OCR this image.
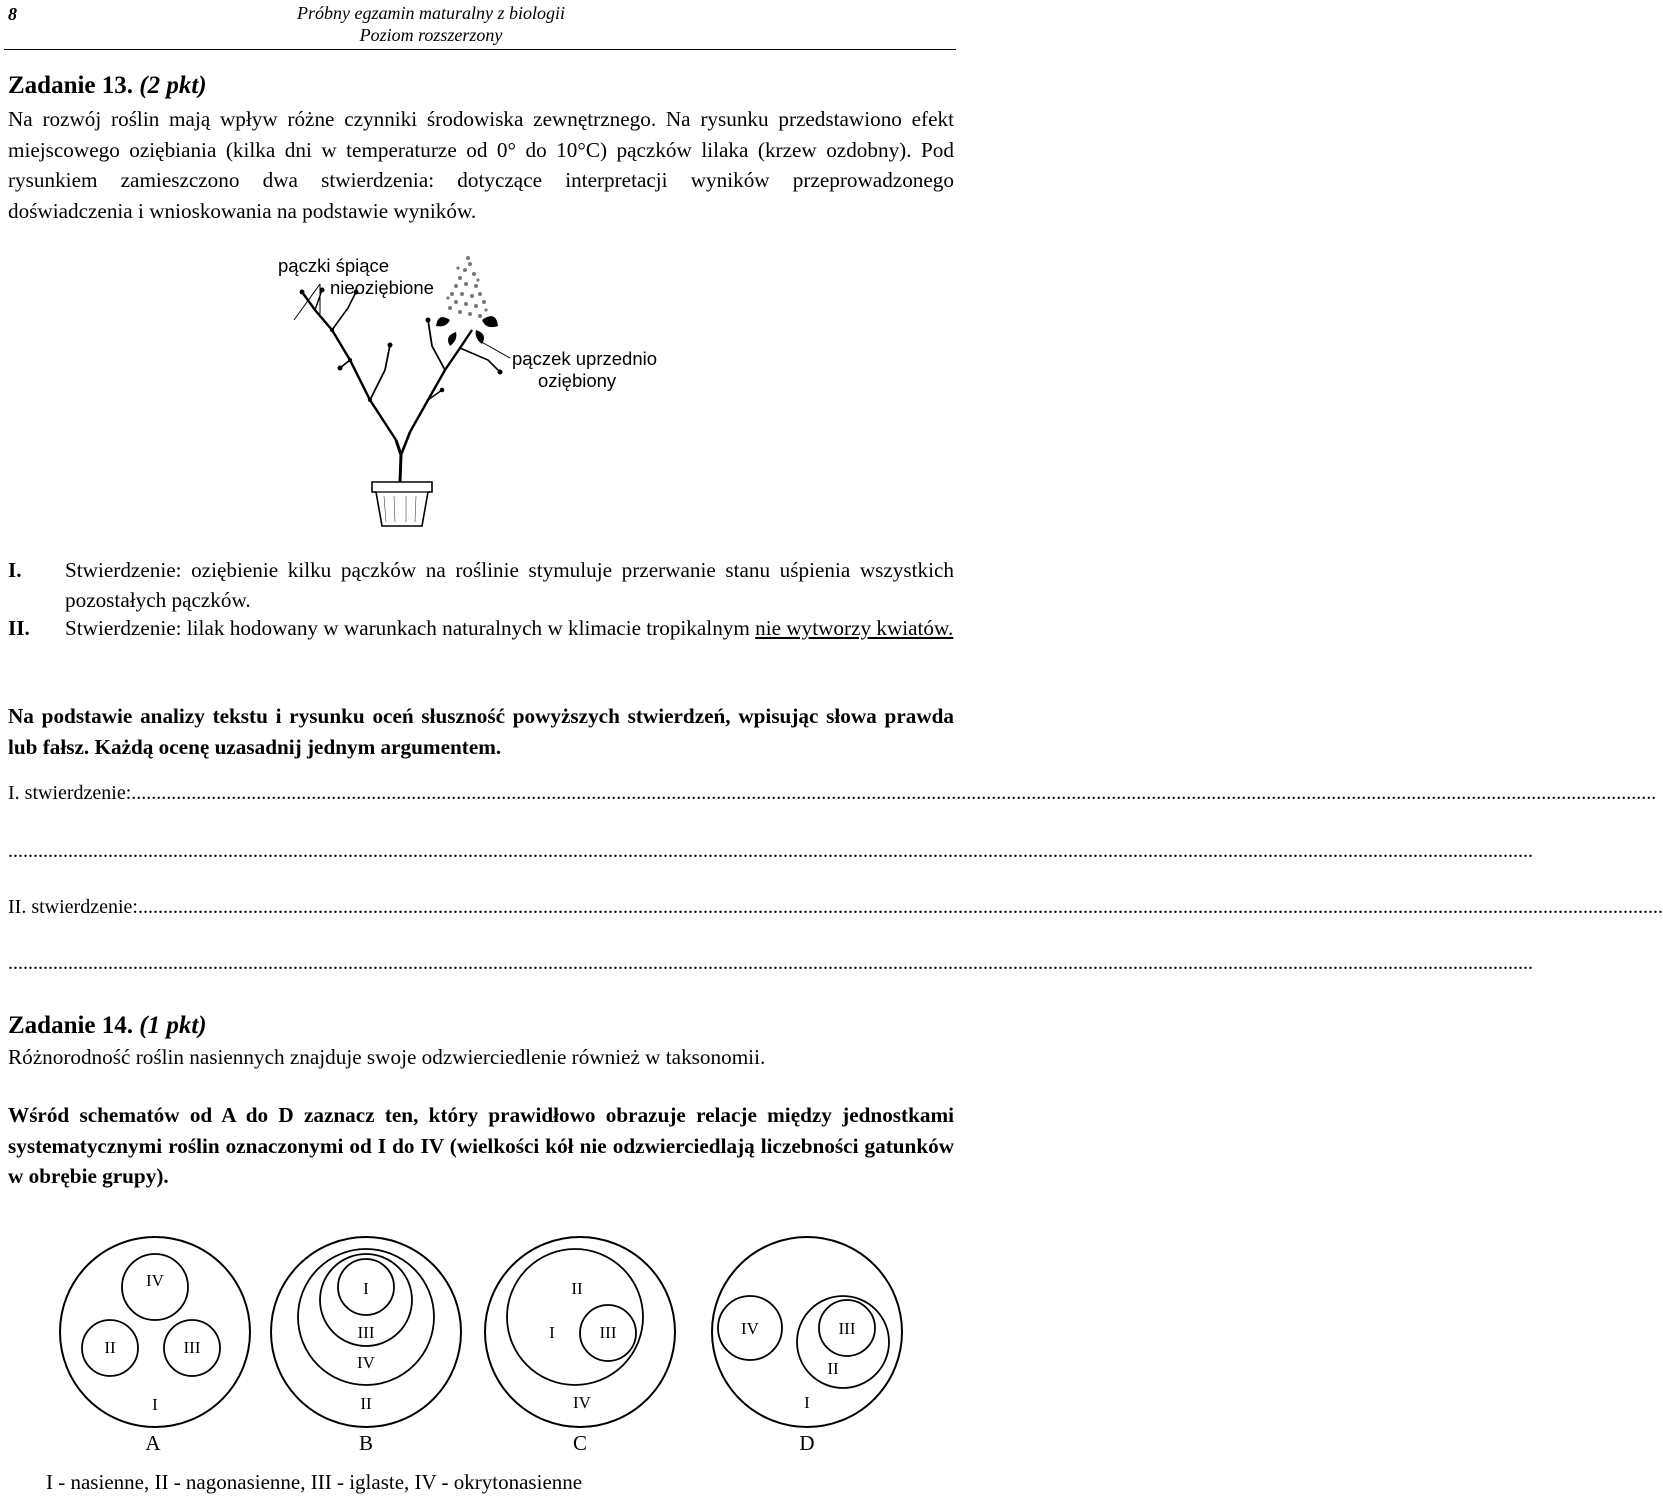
8	Próbny egzamin maturalny z biologii
Poziom rozszerzony
Zadanie 13. (2 pkt)
Na rozwój roślin mają wpływ różne czynniki środowiska zewnętrznego. Na rysunku przedstawiono efekt miejscowego oziębiania (kilka dni w temperaturze od 0° do 10°C) pączków lilaka (krzew ozdobny). Pod rysunkiem zamieszczono dwa stwierdzenia: dotyczące interpretacji wyników przeprowadzonego doświadczenia i wnioskowania na podstawie wyników.
pączki śpiące
nieoziębione
pączek uprzednio
oziębiony
I. Stwierdzenie: oziębienie kilku pączków na roślinie stymuluje przerwanie stanu uśpienia wszystkich pozostałych pączków.
II. Stwierdzenie: lilak hodowany w warunkach naturalnych w klimacie tropikalnym nie wytworzy kwiatów.
Na podstawie analizy tekstu i rysunku oceń słuszność powyższych stwierdzeń, wpisując słowa prawda lub fałsz. Każdą ocenę uzasadnij jednym argumentem.
I. stwierdzenie:.................................................................................................................................................................................................................................................................................................................
.................................................................................................................................................................................................................................................................................................................
II. stwierdzenie:.................................................................................................................................................................................................................................................................................................................
.................................................................................................................................................................................................................................................................................................................
Zadanie 14. (1 pkt)
Różnorodność roślin nasiennych znajduje swoje odzwierciedlenie również w taksonomii.
Wśród schematów od A do D zaznacz ten, który prawidłowo obrazuje relacje między jednostkami systematycznymi roślin oznaczonymi od I do IV (wielkości kół nie odzwierciedlają liczebności gatunków w obrębie grupy).
IV
II	III
I
A
I
III
IV
II
B
II
I	III
IV
C
IV	III
II
I
D
I - nasienne, II - nagonasienne, III - iglaste, IV - okrytonasienne
